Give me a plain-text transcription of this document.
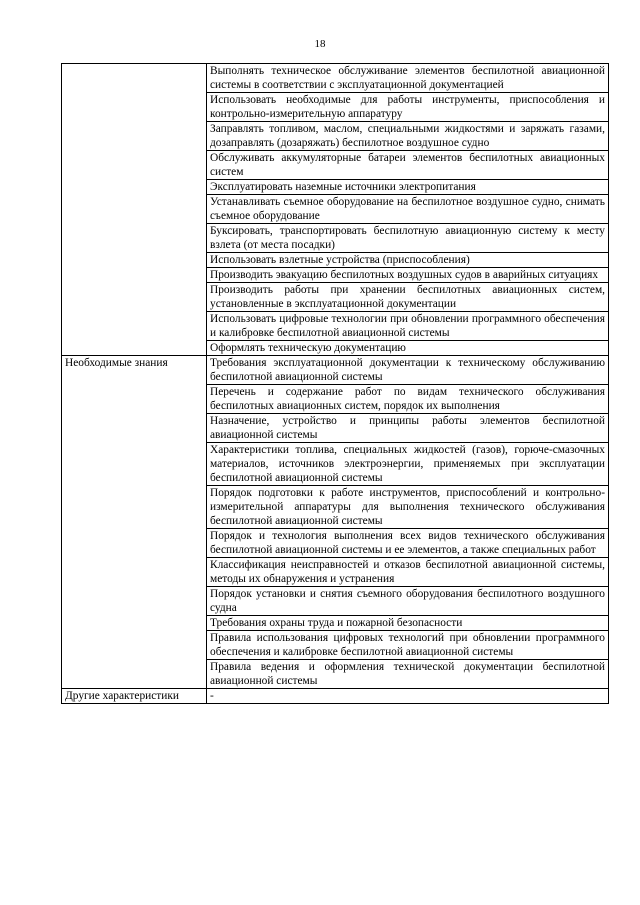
18
	Выполнять техническое обслуживание элементов беспилотной авиационной системы в соответствии с эксплуатационной документацией
	Использовать необходимые для работы инструменты, приспособления и контрольно-измерительную аппаратуру
	Заправлять топливом, маслом, специальными жидкостями и заряжать газами, дозаправлять (дозаряжать) беспилотное воздушное судно
	Обслуживать аккумуляторные батареи элементов беспилотных авиационных систем
	Эксплуатировать наземные источники электропитания
	Устанавливать съемное оборудование на беспилотное воздушное судно, снимать съемное оборудование
	Буксировать, транспортировать беспилотную авиационную систему к месту взлета (от места посадки)
	Использовать взлетные устройства (приспособления)
	Производить эвакуацию беспилотных воздушных судов в аварийных ситуациях
	Производить работы при хранении беспилотных авиационных систем, установленные в эксплуатационной документации
	Использовать цифровые технологии при обновлении программного обеспечения и калибровке беспилотной авиационной системы
	Оформлять техническую документацию
Необходимые знания	Требования эксплуатационной документации к техническому обслуживанию беспилотной авиационной системы
	Перечень и содержание работ по видам технического обслуживания беспилотных авиационных систем, порядок их выполнения
	Назначение, устройство и принципы работы элементов беспилотной авиационной системы
	Характеристики топлива, специальных жидкостей (газов), горюче-смазочных материалов, источников электроэнергии, применяемых при эксплуатации беспилотной авиационной системы
	Порядок подготовки к работе инструментов, приспособлений и контрольно-измерительной аппаратуры для выполнения технического обслуживания беспилотной авиационной системы
	Порядок и технология выполнения всех видов технического обслуживания беспилотной авиационной системы и ее элементов, а также специальных работ
	Классификация неисправностей и отказов беспилотной авиационной системы, методы их обнаружения и устранения
	Порядок установки и снятия съемного оборудования беспилотного воздушного судна
	Требования охраны труда и пожарной безопасности
	Правила использования цифровых технологий при обновлении программного обеспечения и калибровке беспилотной авиационной системы
	Правила ведения и оформления технической документации беспилотной авиационной системы
Другие характеристики	-
